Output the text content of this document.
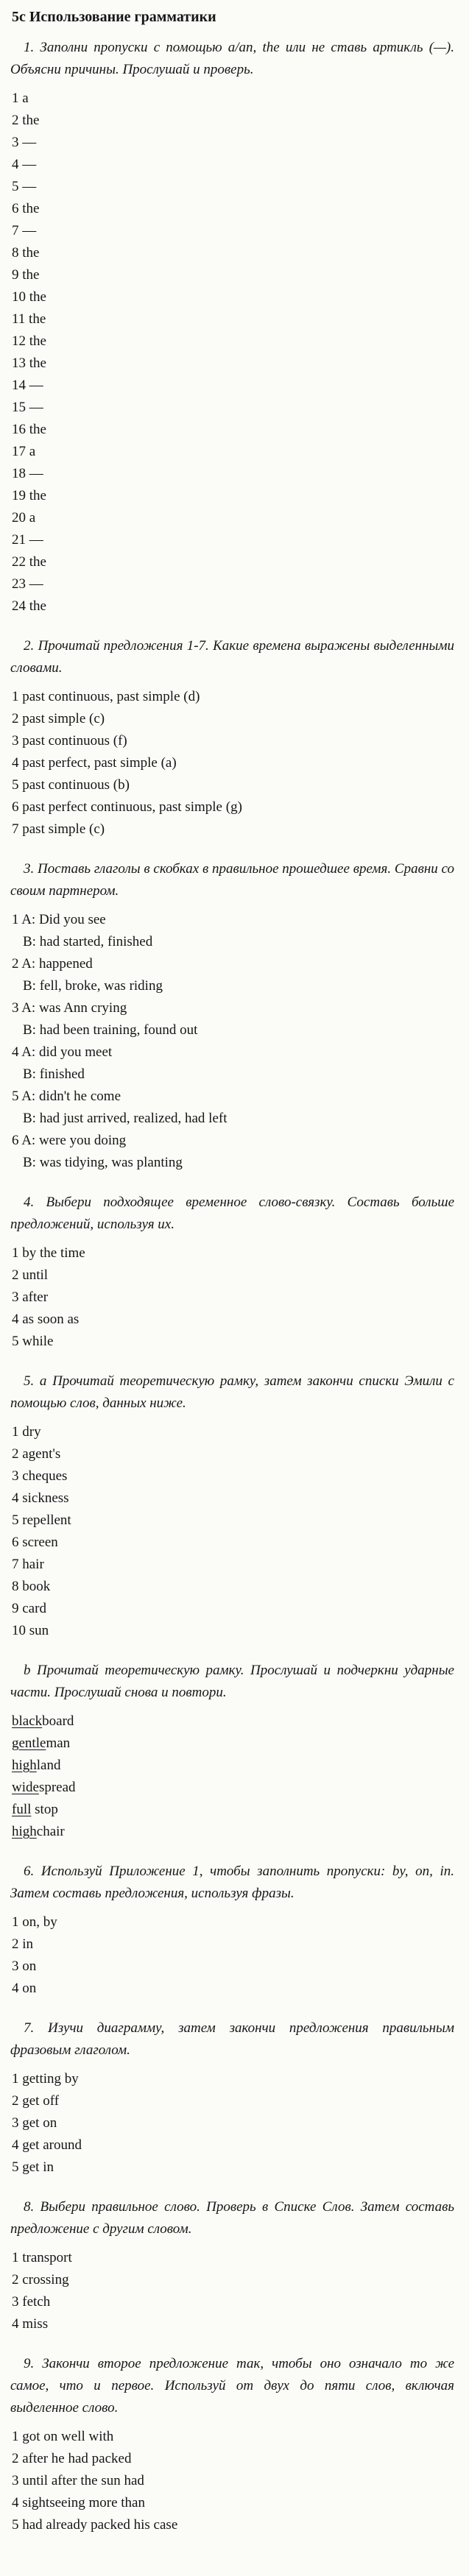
5c Использование грамматики

1. Заполни пропуски с помощью a/an, the или не ставь артикль (—). Объясни причины. Прослушай и проверь.

1 a
2 the
3 —
4 —
5 —
6 the
7 —
8 the
9 the
10 the
11 the
12 the
13 the
14 —
15 —
16 the
17 a
18 —
19 the
20 a
21 —
22 the
23 —
24 the

2. Прочитай предложения 1-7. Какие времена выражены выделенными словами.

1 past continuous, past simple (d)
2 past simple (c)
3 past continuous (f)
4 past perfect, past simple (a)
5 past continuous (b)
6 past perfect continuous, past simple (g)
7 past simple (c)

3. Поставь глаголы в скобках в правильное прошедшее время. Сравни со своим партнером.

1 A: Did you see
B: had started, finished
2 A: happened
B: fell, broke, was riding
3 A: was Ann crying
B: had been training, found out
4 A: did you meet
B: finished
5 A: didn't he come
B: had just arrived, realized, had left
6 A: were you doing
B: was tidying, was planting

4. Выбери подходящее временное слово-связку. Составь больше предложений, используя их.

1 by the time
2 until
3 after
4 as soon as
5 while

5. a Прочитай теоретическую рамку, затем закончи списки Эмили с помощью слов, данных ниже.

1 dry
2 agent's
3 cheques
4 sickness
5 repellent
6 screen
7 hair
8 book
9 card
10 sun

b Прочитай теоретическую рамку. Прослушай и подчеркни ударные части. Прослушай снова и повтори.

blackboard
gentleman
highland
widespread
full stop
highchair

6. Используй Приложение 1, чтобы заполнить пропуски: by, on, in. Затем составь предложения, используя фразы.

1 on, by
2 in
3 on
4 on

7. Изучи диаграмму, затем закончи предложения правильным фразовым глаголом.

1 getting by
2 get off
3 get on
4 get around
5 get in

8. Выбери правильное слово. Проверь в Списке Слов. Затем составь предложение с другим словом.

1 transport
2 crossing
3 fetch
4 miss

9. Закончи второе предложение так, чтобы оно означало то же самое, что и первое. Используй от двух до пяти слов, включая выделенное слово.

1 got on well with
2 after he had packed
3 until after the sun had
4 sightseeing more than
5 had already packed his case
